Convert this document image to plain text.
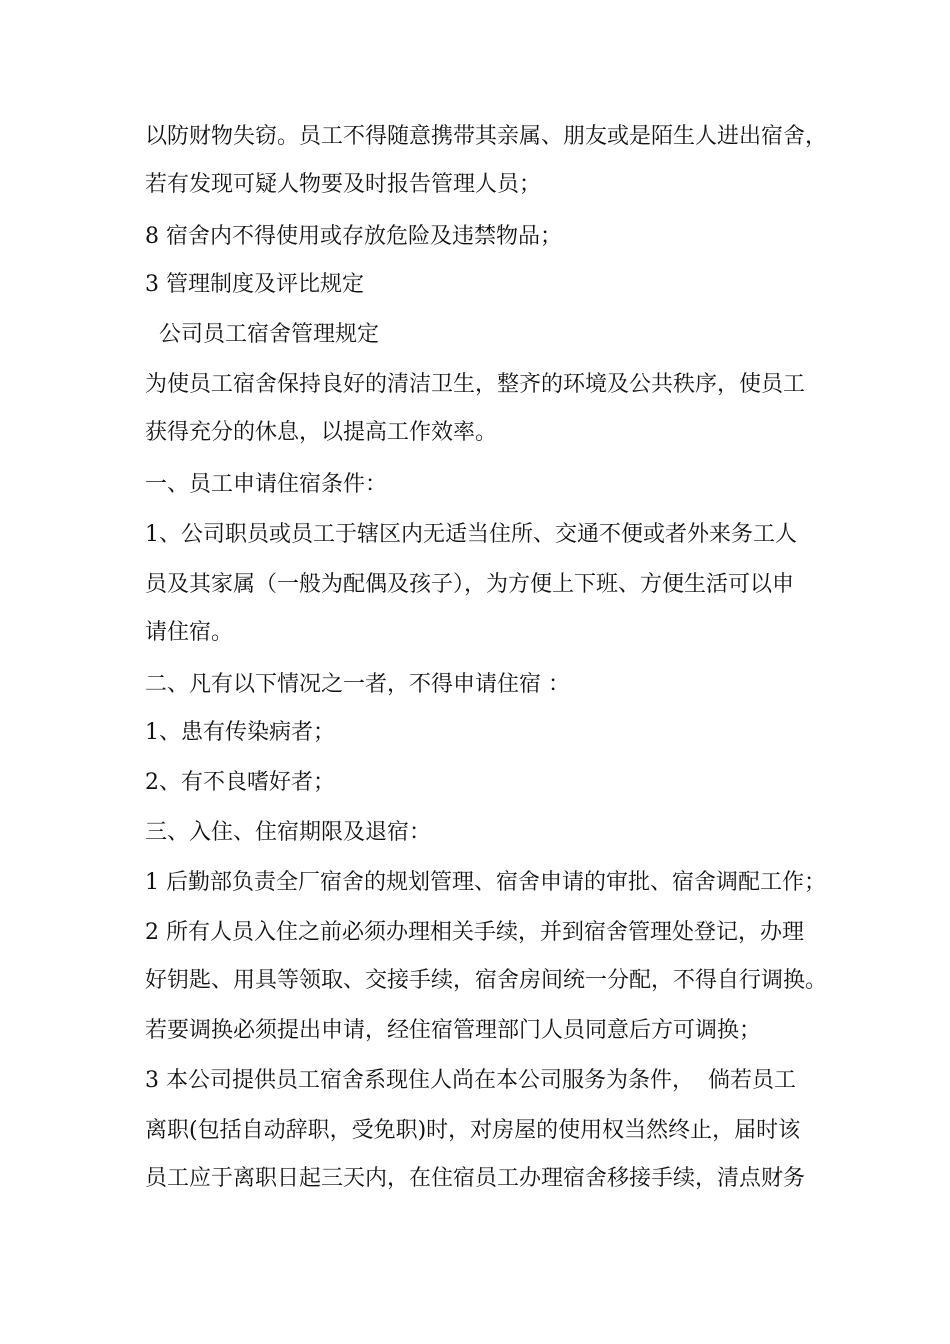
以防财物失窃。员工不得随意携带其亲属、朋友或是陌生人进出宿舍，
若有发现可疑人物要及时报告管理人员；
8 宿舍内不得使用或存放危险及违禁物品；
3 管理制度及评比规定
公司员工宿舍管理规定
为使员工宿舍保持良好的清洁卫生，整齐的环境及公共秩序，使员工
获得充分的休息，以提高工作效率。
一、员工申请住宿条件：
1、公司职员或员工于辖区内无适当住所、交通不便或者外来务工人
员及其家属（一般为配偶及孩子），为方便上下班、方便生活可以申
请住宿。
二、凡有以下情况之一者，不得申请住宿 ：
1、患有传染病者；
2、有不良嗜好者；
三、入住、住宿期限及退宿：
1 后勤部负责全厂宿舍的规划管理、宿舍申请的审批、宿舍调配工作；
2 所有人员入住之前必须办理相关手续，并到宿舍管理处登记，办理
好钥匙、用具等领取、交接手续，宿舍房间统一分配，不得自行调换。
若要调换必须提出申请，经住宿管理部门人员同意后方可调换；
3 本公司提供员工宿舍系现住人尚在本公司服务为条件，  倘若员工
离职(包括自动辞职，受免职)时，对房屋的使用权当然终止，届时该
员工应于离职日起三天内，在住宿员工办理宿舍移接手续，清点财务
